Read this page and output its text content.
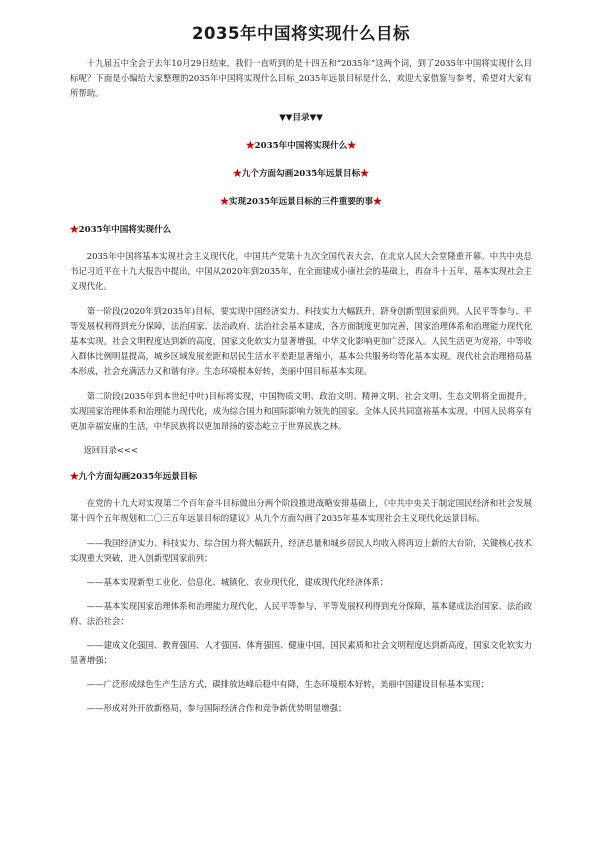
2035年中国将实现什么目标

十九届五中全会于去年10月29日结束，我们一直听到的是十四五和“2035年”这两个词，到了2035年中国将实现什么目标呢？下面是小编给大家整理的2035年中国将实现什么目标_2035年远景目标是什么，欢迎大家借鉴与参考，希望对大家有所帮助。

▼▼目录▼▼
★2035年中国将实现什么★
★九个方面勾画2035年远景目标★
★实现2035年远景目标的三件重要的事★
★2035年中国将实现什么

2035年中国将基本实现社会主义现代化，中国共产党第十九次全国代表大会，在北京人民大会堂隆重开幕。中共中央总书记习近平在十九大报告中提出，中国从2020年到2035年，在全面建成小康社会的基础上，再奋斗十五年，基本实现社会主义现代化。

第一阶段(2020年到2035年)目标，要实现中国经济实力、科技实力大幅跃升，跻身创新型国家前列。人民平等参与、平等发展权利得到充分保障，法治国家、法治政府、法治社会基本建成，各方面制度更加完善，国家治理体系和治理能力现代化基本实现。社会文明程度达到新的高度，国家文化软实力显著增强，中华文化影响更加广泛深入。人民生活更为宽裕，中等收入群体比例明显提高，城乡区域发展差距和居民生活水平差距显著缩小，基本公共服务均等化基本实现。现代社会治理格局基本形成，社会充满活力又和谐有序。生态环境根本好转，美丽中国目标基本实现。

第二阶段(2035年到本世纪中叶)目标将实现，中国物质文明、政治文明、精神文明、社会文明、生态文明将全面提升，实现国家治理体系和治理能力现代化，成为综合国力和国际影响力领先的国家。全体人民共同富裕基本实现，中国人民将享有更加幸福安康的生活，中华民族将以更加昂扬的姿态屹立于世界民族之林。

返回目录<<<
★九个方面勾画2035年远景目标

在党的十九大对实现第二个百年奋斗目标做出分两个阶段推进战略安排基础上，《中共中央关于制定国民经济和社会发展第十四个五年规划和二〇三五年远景目标的建议》从九个方面勾画了2035年基本实现社会主义现代化远景目标。

——我国经济实力、科技实力、综合国力将大幅跃升，经济总量和城乡居民人均收入将再迈上新的大台阶，关键核心技术实现重大突破，进入创新型国家前列；

——基本实现新型工业化、信息化、城镇化、农业现代化，建成现代化经济体系；

——基本实现国家治理体系和治理能力现代化，人民平等参与、平等发展权利得到充分保障，基本建成法治国家、法治政府、法治社会；

——建成文化强国、教育强国、人才强国、体育强国、健康中国，国民素质和社会文明程度达到新高度，国家文化软实力显著增强；

——广泛形成绿色生产生活方式，碳排放达峰后稳中有降，生态环境根本好转，美丽中国建设目标基本实现；

——形成对外开放新格局，参与国际经济合作和竞争新优势明显增强；
